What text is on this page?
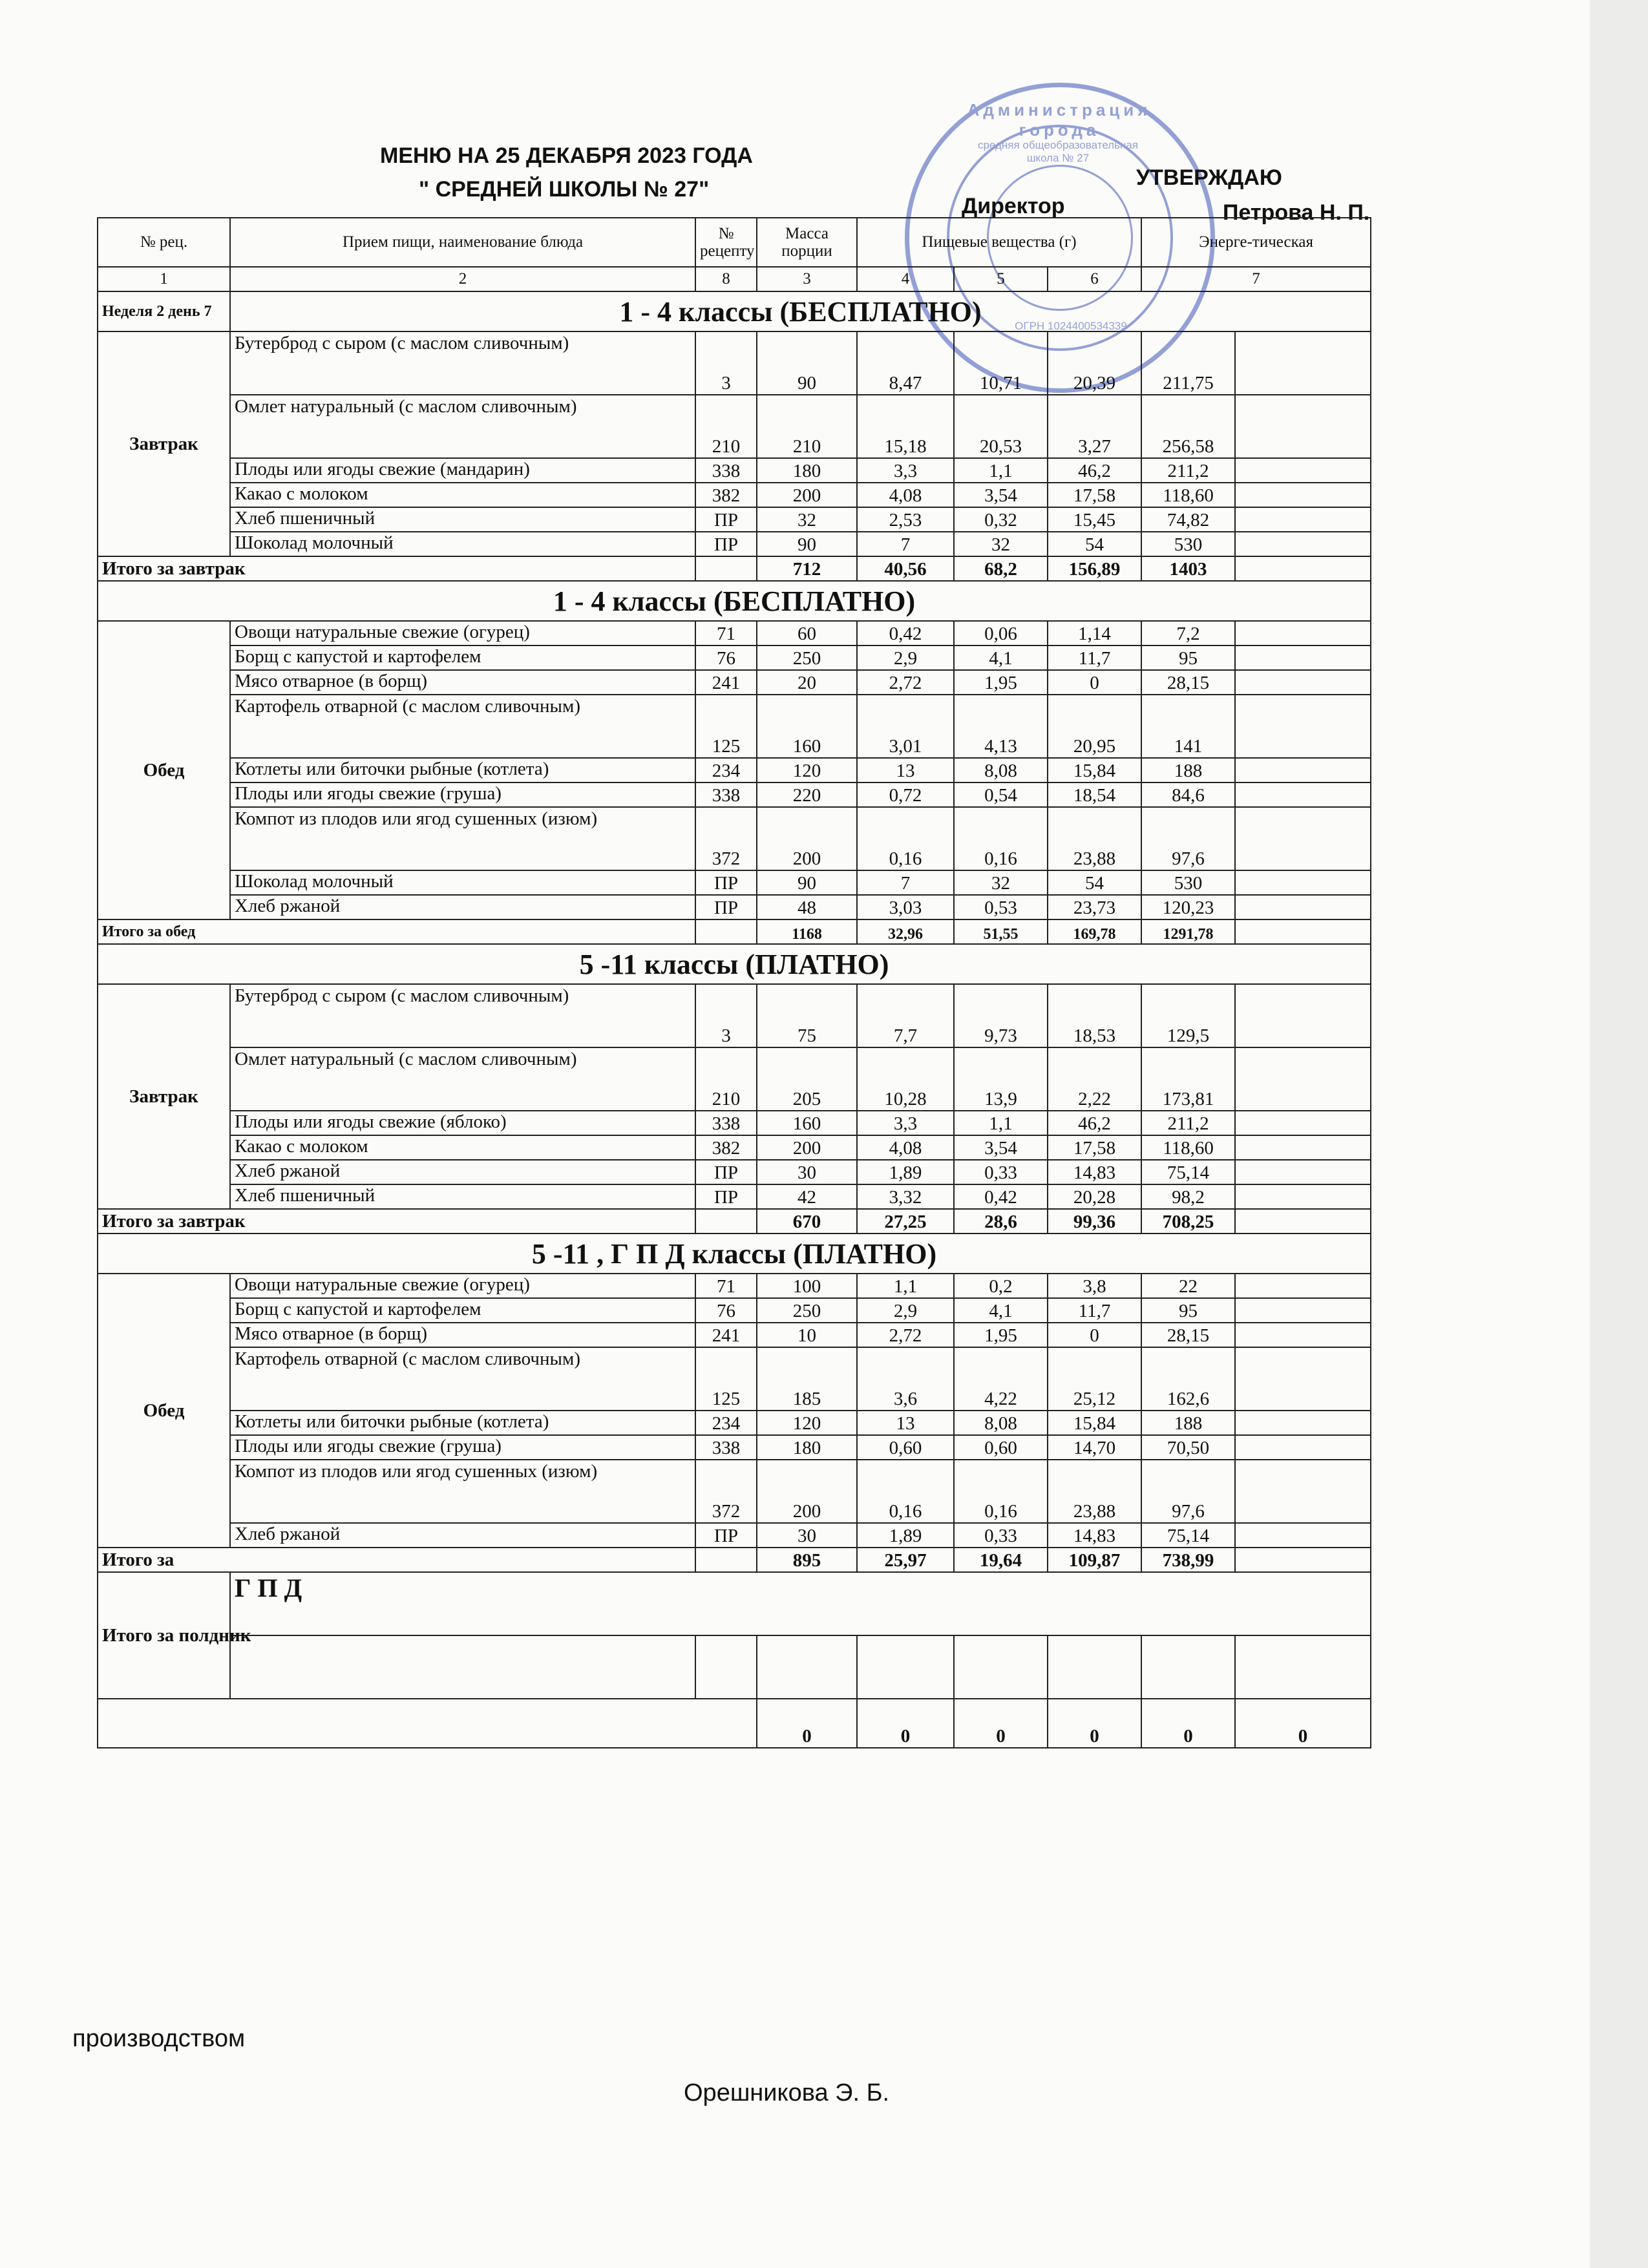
МЕНЮ НА 25 ДЕКАБРЯ 2023 ГОДА
" СРЕДНЕЙ ШКОЛЫ № 27"
Администрация города
средняя общеобразовательная школа № 27
ОГРН 1024400534339
УТВЕРЖДАЮ
Директор	Петрова Н. П.
№ рец.	Прием пищи, наименование блюда	№ рецепту	Масса порции	Пищевые вещества (г)			Энерге-тическая	
1	2	8	3	4	5	6	7	
Неделя 2 день 7	1 - 4 классы (БЕСПЛАТНО)							
Завтрак	Бутерброд с сыром (с маслом сливочным)	3	90	8,47	10,71	20,39	211,75	
	Омлет натуральный (с маслом сливочным)	210	210	15,18	20,53	3,27	256,58	
	Плоды или ягоды свежие (мандарин)	338	180	3,3	1,1	46,2	211,2	
	Какао с молоком	382	200	4,08	3,54	17,58	118,60	
	Хлеб пшеничный	ПР	32	2,53	0,32	15,45	74,82	
	Шоколад молочный	ПР	90	7	32	54	530	
Итого за завтрак			712	40,56	68,2	156,89	1403	
1 - 4 классы (БЕСПЛАТНО)								
Обед	Овощи натуральные свежие (огурец)	71	60	0,42	0,06	1,14	7,2	
	Борщ с капустой и картофелем	76	250	2,9	4,1	11,7	95	
	Мясо отварное (в борщ)	241	20	2,72	1,95	0	28,15	
	Картофель отварной (с маслом сливочным)	125	160	3,01	4,13	20,95	141	
	Котлеты или биточки рыбные (котлета)	234	120	13	8,08	15,84	188	
	Плоды или ягоды свежие (груша)	338	220	0,72	0,54	18,54	84,6	
	Компот из плодов или ягод сушенных (изюм)	372	200	0,16	0,16	23,88	97,6	
	Шоколад молочный	ПР	90	7	32	54	530	
	Хлеб ржаной	ПР	48	3,03	0,53	23,73	120,23	
Итого за обед			1168	32,96	51,55	169,78	1291,78	
5 -11 классы (ПЛАТНО)								
Завтрак	Бутерброд с сыром (с маслом сливочным)	3	75	7,7	9,73	18,53	129,5	
	Омлет натуральный (с маслом сливочным)	210	205	10,28	13,9	2,22	173,81	
	Плоды или ягоды свежие (яблоко)	338	160	3,3	1,1	46,2	211,2	
	Какао с молоком	382	200	4,08	3,54	17,58	118,60	
	Хлеб ржаной	ПР	30	1,89	0,33	14,83	75,14	
	Хлеб пшеничный	ПР	42	3,32	0,42	20,28	98,2	
Итого за завтрак			670	27,25	28,6	99,36	708,25	
5 -11 , Г П Д классы (ПЛАТНО)								
Обед	Овощи натуральные свежие (огурец)	71	100	1,1	0,2	3,8	22	
	Борщ с капустой и картофелем	76	250	2,9	4,1	11,7	95	
	Мясо отварное (в борщ)	241	10	2,72	1,95	0	28,15	
	Картофель отварной (с маслом сливочным)	125	185	3,6	4,22	25,12	162,6	
	Котлеты или биточки рыбные (котлета)	234	120	13	8,08	15,84	188	
	Плоды или ягоды свежие (груша)	338	180	0,60	0,60	14,70	70,50	
	Компот из плодов или ягод сушенных (изюм)	372	200	0,16	0,16	23,88	97,6	
	Хлеб ржаной	ПР	30	1,89	0,33	14,83	75,14	
Итого за			895	25,97	19,64	109,87	738,99	
Итого за полдник	Г П Д							

			0	0	0	0	0	0
производством
Орешникова Э. Б.
